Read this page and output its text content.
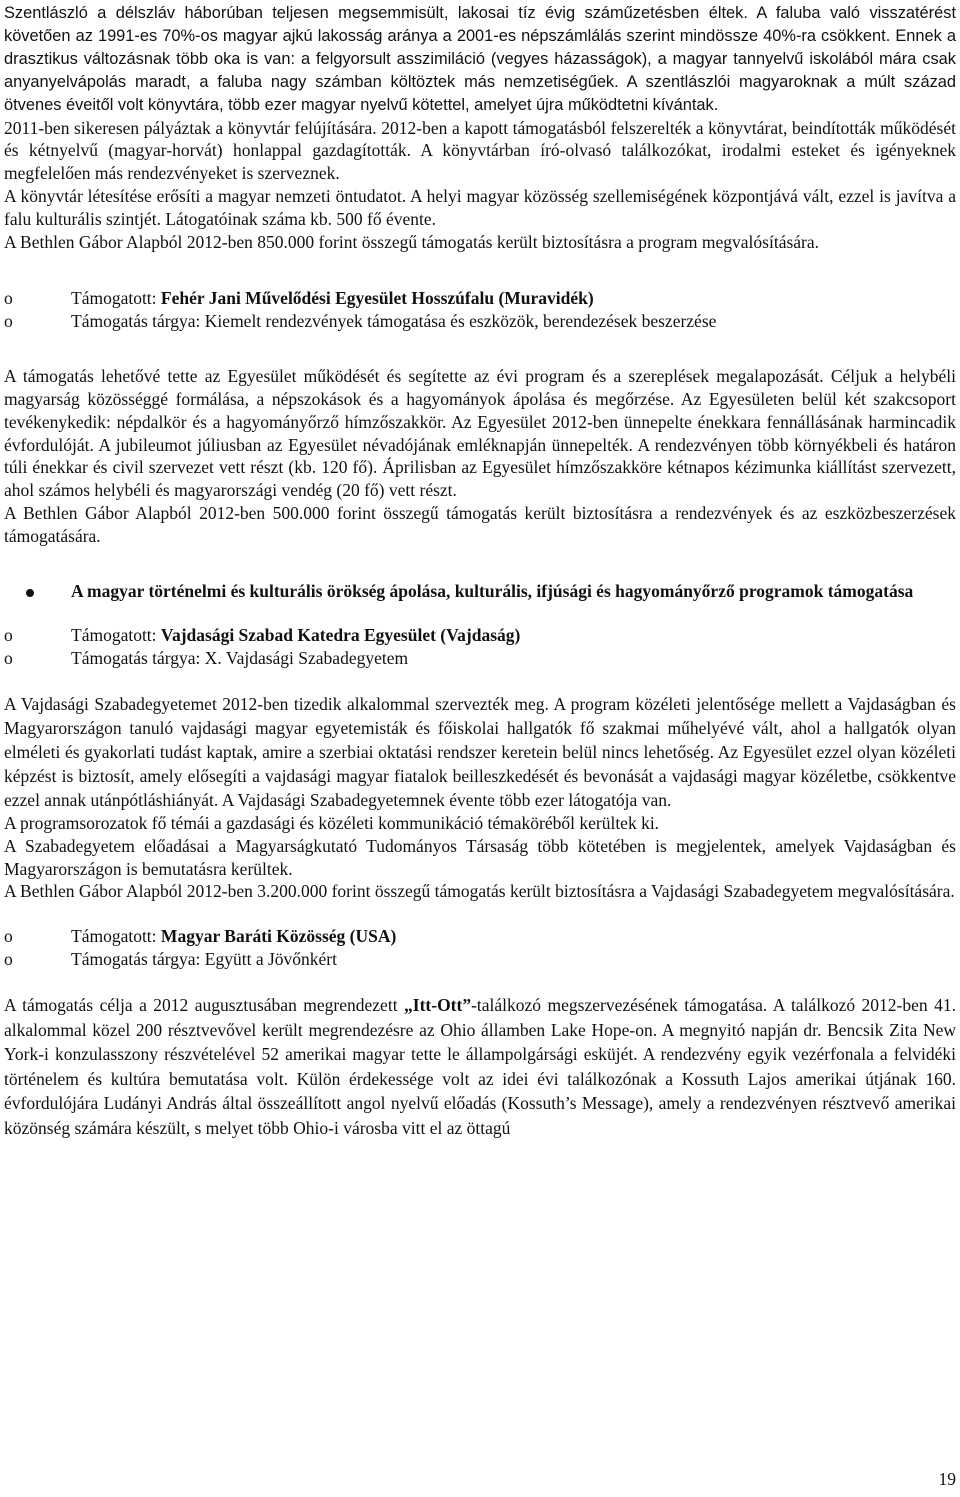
Szentlászló a délszláv háborúban teljesen megsemmisült, lakosai tíz évig száműzetésben éltek. A faluba való visszatérést követően az 1991-es 70%-os magyar ajkú lakosság aránya a 2001-es népszámlálás szerint mindössze 40%-ra csökkent. Ennek a drasztikus változásnak több oka is van: a felgyorsult asszimiláció (vegyes házasságok), a magyar tannyelvű iskolából mára csak anyanyelvápolás maradt, a faluba nagy számban költöztek más nemzetiségűek. A szentlászlói magyaroknak a múlt század ötvenes éveitől volt könyvtára, több ezer magyar nyelvű kötettel, amelyet újra működtetni kívántak.

2011-ben sikeresen pályáztak a könyvtár felújítására. 2012-ben a kapott támogatásból felszerelték a könyvtárat, beindították működését és kétnyelvű (magyar-horvát) honlappal gazdagították. A könyvtárban író-olvasó találkozókat, irodalmi esteket és igényeknek megfelelően más rendezvényeket is szerveznek.

A könyvtár létesítése erősíti a magyar nemzeti öntudatot. A helyi magyar közösség szellemiségének központjává vált, ezzel is javítva a falu kulturális szintjét. Látogatóinak száma kb. 500 fő évente.

A Bethlen Gábor Alapból 2012-ben 850.000 forint összegű támogatás került biztosításra a program megvalósítására.

o	Támogatott: Fehér Jani Művelődési Egyesület Hosszúfalu (Muravidék)
o	Támogatás tárgya: Kiemelt rendezvények támogatása és eszközök, berendezések beszerzése

A támogatás lehetővé tette az Egyesület működését és segítette az évi program és a szereplések megalapozását. Céljuk a helybéli magyarság közösséggé formálása, a népszokások és a hagyományok ápolása és megőrzése. Az Egyesületen belül két szakcsoport tevékenykedik: népdalkör és a hagyományőrző hímzőszakkör. Az Egyesület 2012-ben ünnepelte énekkara fennállásának harmincadik évfordulóját. A jubileumot júliusban az Egyesület névadójának emléknapján ünnepelték. A rendezvényen több környékbeli és határon túli énekkar és civil szervezet vett részt (kb. 120 fő). Áprilisban az Egyesület hímzőszakköre kétnapos kézimunka kiállítást szervezett, ahol számos helybéli és magyarországi vendég (20 fő) vett részt.

A Bethlen Gábor Alapból 2012-ben 500.000 forint összegű támogatás került biztosításra a rendezvények és az eszközbeszerzések támogatására.

A magyar történelmi és kulturális örökség ápolása, kulturális, ifjúsági és hagyományőrző programok támogatása
o	Támogatott: Vajdasági Szabad Katedra Egyesület (Vajdaság)
o	Támogatás tárgya: X. Vajdasági Szabadegyetem

A Vajdasági Szabadegyetemet 2012-ben tizedik alkalommal szervezték meg. A program közéleti jelentősége mellett a Vajdaságban és Magyarországon tanuló vajdasági magyar egyetemisták és főiskolai hallgatók fő szakmai műhelyévé vált, ahol a hallgatók olyan elméleti és gyakorlati tudást kaptak, amire a szerbiai oktatási rendszer keretein belül nincs lehetőség. Az Egyesület ezzel olyan közéleti képzést is biztosít, amely elősegíti a vajdasági magyar fiatalok beilleszkedését és bevonását a vajdasági magyar közéletbe, csökkentve ezzel annak utánpótláshiányát. A Vajdasági Szabadegyetemnek évente több ezer látogatója van.

A programsorozatok fő témái a gazdasági és közéleti kommunikáció témaköréből kerültek ki.

A Szabadegyetem előadásai a Magyarságkutató Tudományos Társaság több kötetében is megjelentek, amelyek Vajdaságban és Magyarországon is bemutatásra kerültek.

A Bethlen Gábor Alapból 2012-ben 3.200.000 forint összegű támogatás került biztosításra a Vajdasági Szabadegyetem megvalósítására.

o	Támogatott: Magyar Baráti Közösség (USA)
o	Támogatás tárgya: Együtt a Jövőnkért

A támogatás célja a 2012 augusztusában megrendezett „Itt-Ott”-találkozó megszervezésének támogatása. A találkozó 2012-ben 41. alkalommal közel 200 résztvevővel került megrendezésre az Ohio államben Lake Hope-on. A megnyitó napján dr. Bencsik Zita New York-i konzulasszony részvételével 52 amerikai magyar tette le állampolgársági esküjét. A rendezvény egyik vezérfonala a felvidéki történelem és kultúra bemutatása volt. Külön érdekessége volt az idei évi találkozónak a Kossuth Lajos amerikai útjának 160. évfordulójára Ludányi András által összeállított angol nyelvű előadás (Kossuth’s Message), amely a rendezvényen résztvevő amerikai közönség számára készült, s melyet több Ohio-i városba vitt el az öttagú

19
